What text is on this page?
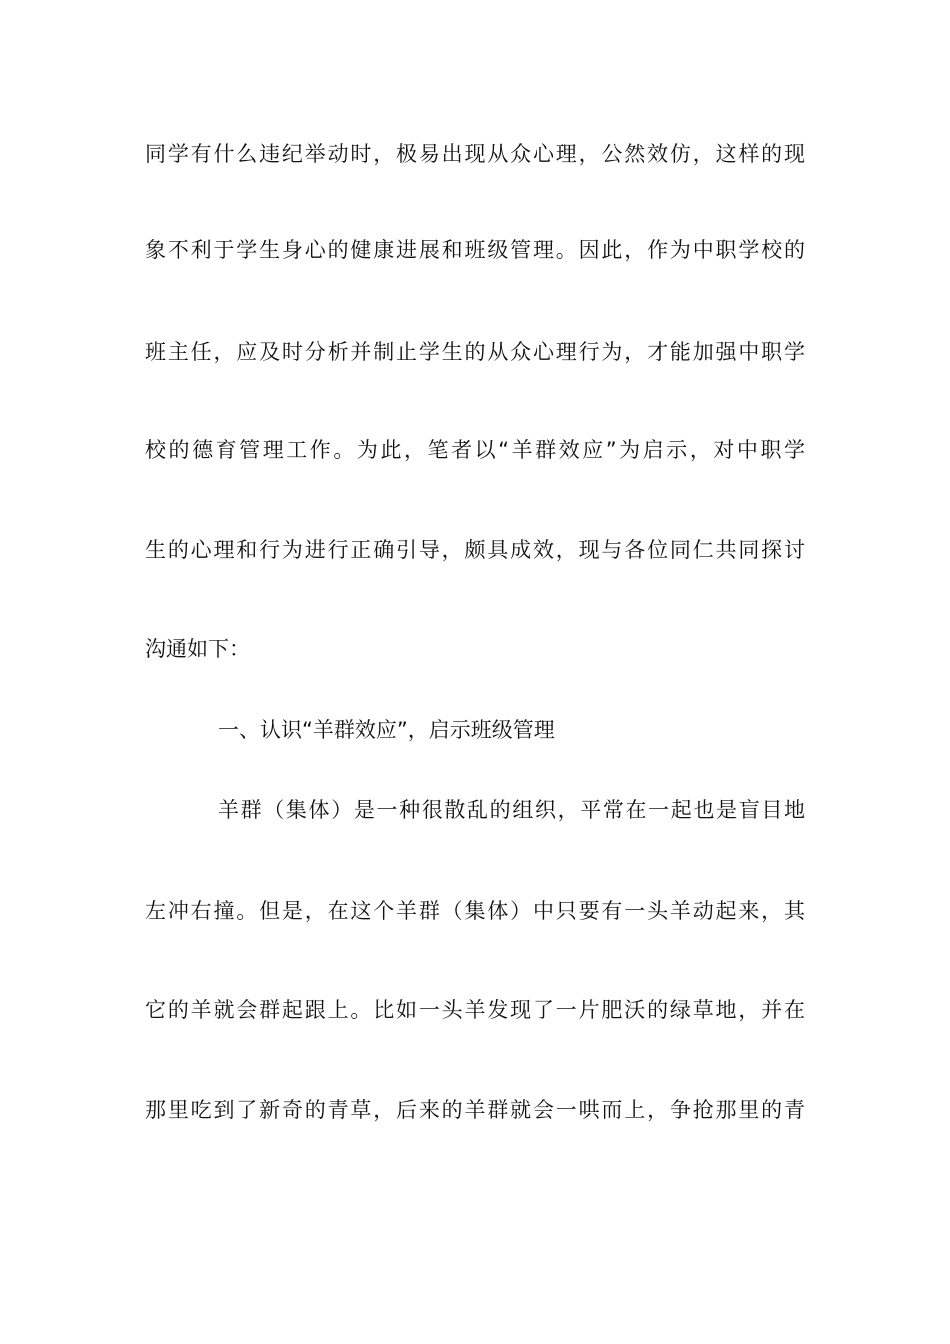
同学有什么违纪举动时，极易出现从众心理，公然效仿，这样的现
象不利于学生身心的健康进展和班级管理。因此，作为中职学校的
班主任，应及时分析并制止学生的从众心理行为，才能加强中职学
校的德育管理工作。为此，笔者以“羊群效应”为启示，对中职学
生的心理和行为进行正确引导，颇具成效，现与各位同仁共同探讨
沟通如下：
一、认识“羊群效应”，启示班级管理
羊群（集体）是一种很散乱的组织，平常在一起也是盲目地
左冲右撞。但是，在这个羊群（集体）中只要有一头羊动起来，其
它的羊就会群起跟上。比如一头羊发现了一片肥沃的绿草地，并在
那里吃到了新奇的青草，后来的羊群就会一哄而上，争抢那里的青
